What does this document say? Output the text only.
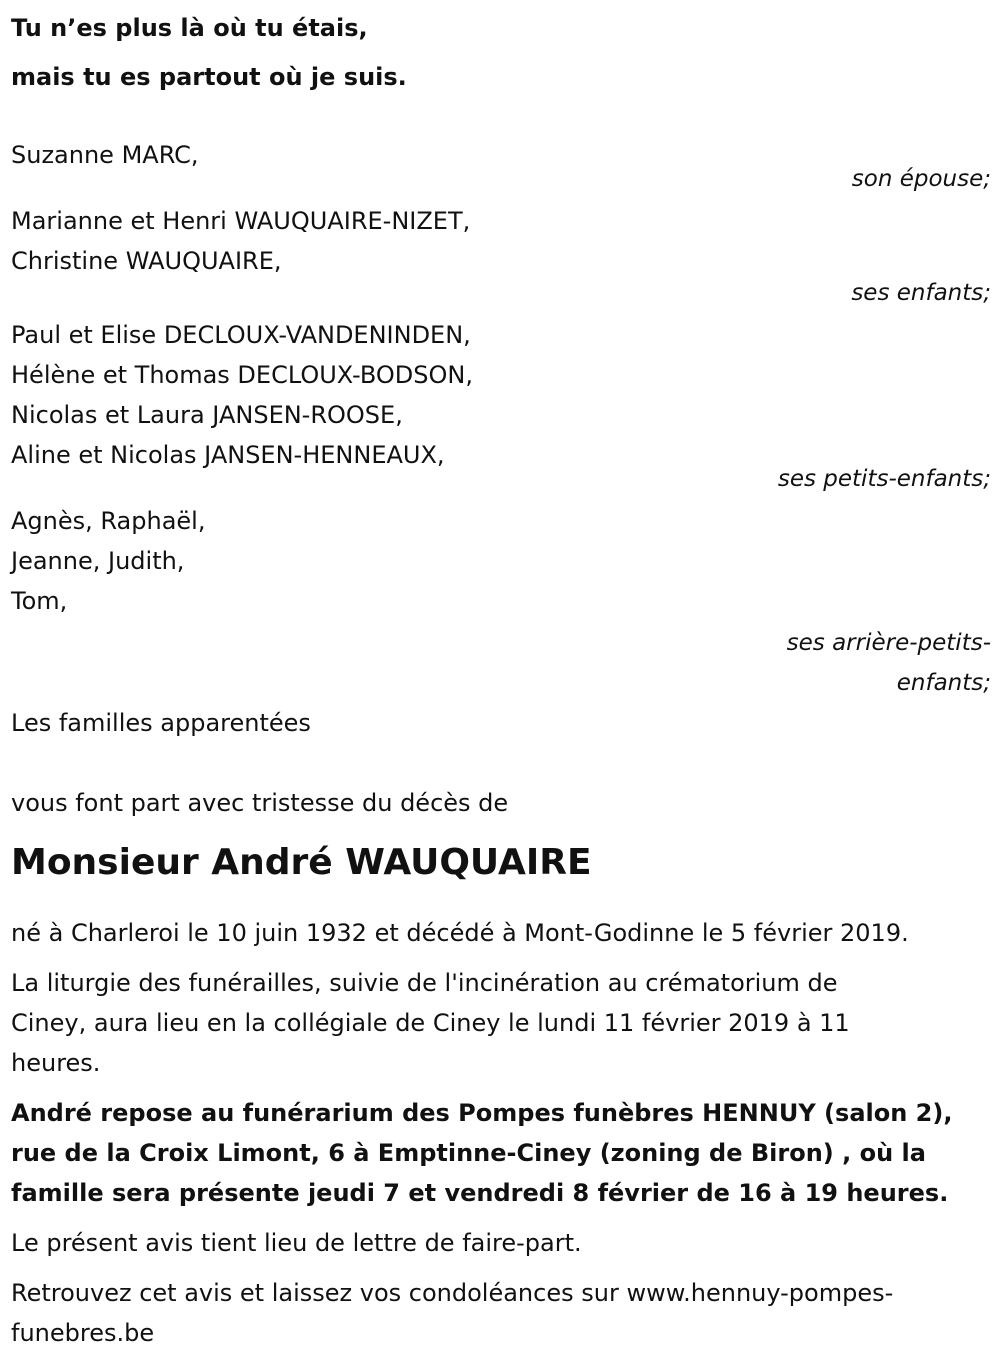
Tu n’es plus là où tu étais,
mais tu es partout où je suis.
Suzanne MARC,
son épouse;
Marianne et Henri WAUQUAIRE-NIZET,
Christine WAUQUAIRE,
ses enfants;
Paul et Elise DECLOUX-VANDENINDEN,
Hélène et Thomas DECLOUX-BODSON,
Nicolas et Laura JANSEN-ROOSE,
Aline et Nicolas JANSEN-HENNEAUX,
ses petits-enfants;
Agnès, Raphaël,
Jeanne, Judith,
Tom,
ses arrière-petits-
enfants;
Les familles apparentées
vous font part avec tristesse du décès de
Monsieur André WAUQUAIRE
né à Charleroi le 10 juin 1932 et décédé à Mont-Godinne le 5 février 2019.
La liturgie des funérailles, suivie de l'incinération au crématorium de
Ciney, aura lieu en la collégiale de Ciney le lundi 11 février 2019 à 11
heures.
André repose au funérarium des Pompes funèbres HENNUY (salon 2),
rue de la Croix Limont, 6 à Emptinne-Ciney (zoning de Biron) , où la
famille sera présente jeudi 7 et vendredi 8 février de 16 à 19 heures.
Le présent avis tient lieu de lettre de faire-part.
Retrouvez cet avis et laissez vos condoléances sur www.hennuy-pompes-
funebres.be
